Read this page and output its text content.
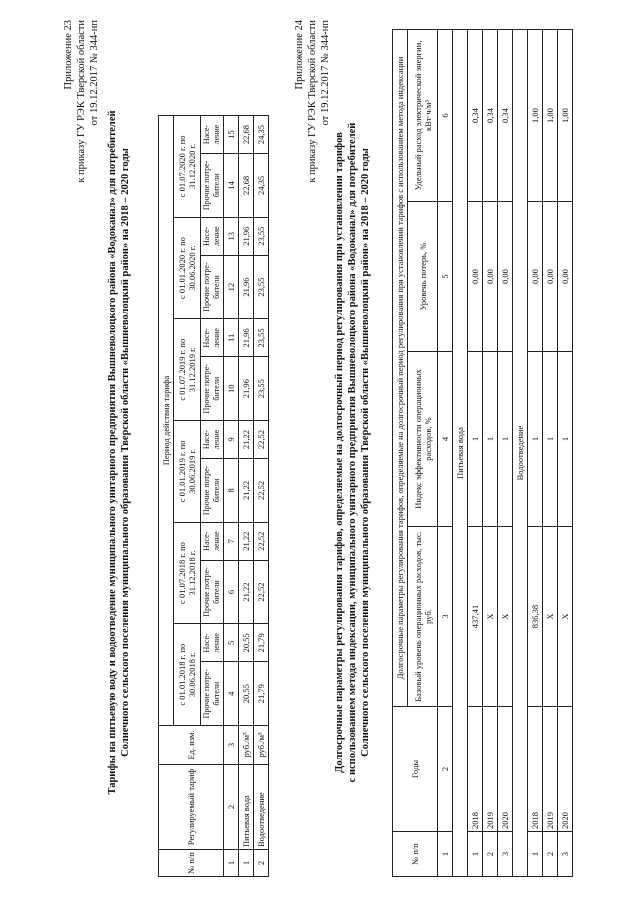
Приложение 23 к приказу ГУ РЭК Тверской области от 19.12.2017 № 344-нп
Тарифы на питьевую воду и водоотведение муниципального унитарного предприятия Вышневолоцкого района «Водоканал» для потребителей Солнечного сельского поселения муниципального образования Тверской области «Вышневолоцкий район» на 2018 – 2020 годы
№ п/п	Регулируемый тариф	Ед. изм.	Период действия тарифа											
			с 01.01.2018 г. по 30.06.2018 г.		с 01.07.2018 г. по 31.12.2018 г.		с 01.01.2019 г. по 30.06.2019 г.		с 01.07.2019 г. по 31.12.2019 г.		с 01.01.2020 г. по 30.06.2020 г.		с 01.07.2020 г. по 31.12.2020 г.	
			Прочие потре-бители	Насе-ление	Прочие потре-бители	Насе-ление	Прочие потре-бители	Насе-ление	Прочие потре-бители	Насе-ление	Прочие потре-бители	Насе-ление	Прочие потре-бители	Насе-ление
1	2	3	4	5	6	7	8	9	10	11	12	13	14	15
1	Питьевая вода	руб./м³	20,55	20,55	21,22	21,22	21,22	21,22	21,96	21,96	21,96	21,96	22,68	22,68
2	Водоотведение	руб./м³	21,79	21,79	22,52	22,52	22,52	22,52	23,55	23,55	23,55	23,55	24,35	24,35
Приложение 24 к приказу ГУ РЭК Тверской области от 19.12.2017 № 344-нп
Долгосрочные параметры регулирования тарифов, определяемые на долгосрочный период регулирования при установлении тарифов с использованием метода индексации, муниципального унитарного предприятия Вышневолоцкого района «Водоканал» для потребителей Солнечного сельского поселения муниципального образования Тверской области «Вышневолоцкий район» на 2018 – 2020 годы
№ п/п	Годы	Долгосрочные параметры регулирования тарифов, определяемые на долгосрочный период регулирования при установлении тарифов с использованием метода индексации			
		Базовый уровень операционных расходов, тыс. руб.	Индекс эффективности операционных расходов, %	Уровень потерь, %	Удельный расход электрической энергии, кВт·ч/м³
1	2	3	4	5	6
Питьевая вода					
1	2018	437,41	1	0,00	0,34
2	2019	X	1	0,00	0,34
3	2020	X	1	0,00	0,34
Водоотведение					
1	2018	836,38	1	0,00	1,00
2	2019	X	1	0,00	1,00
3	2020	X	1	0,00	1,00
